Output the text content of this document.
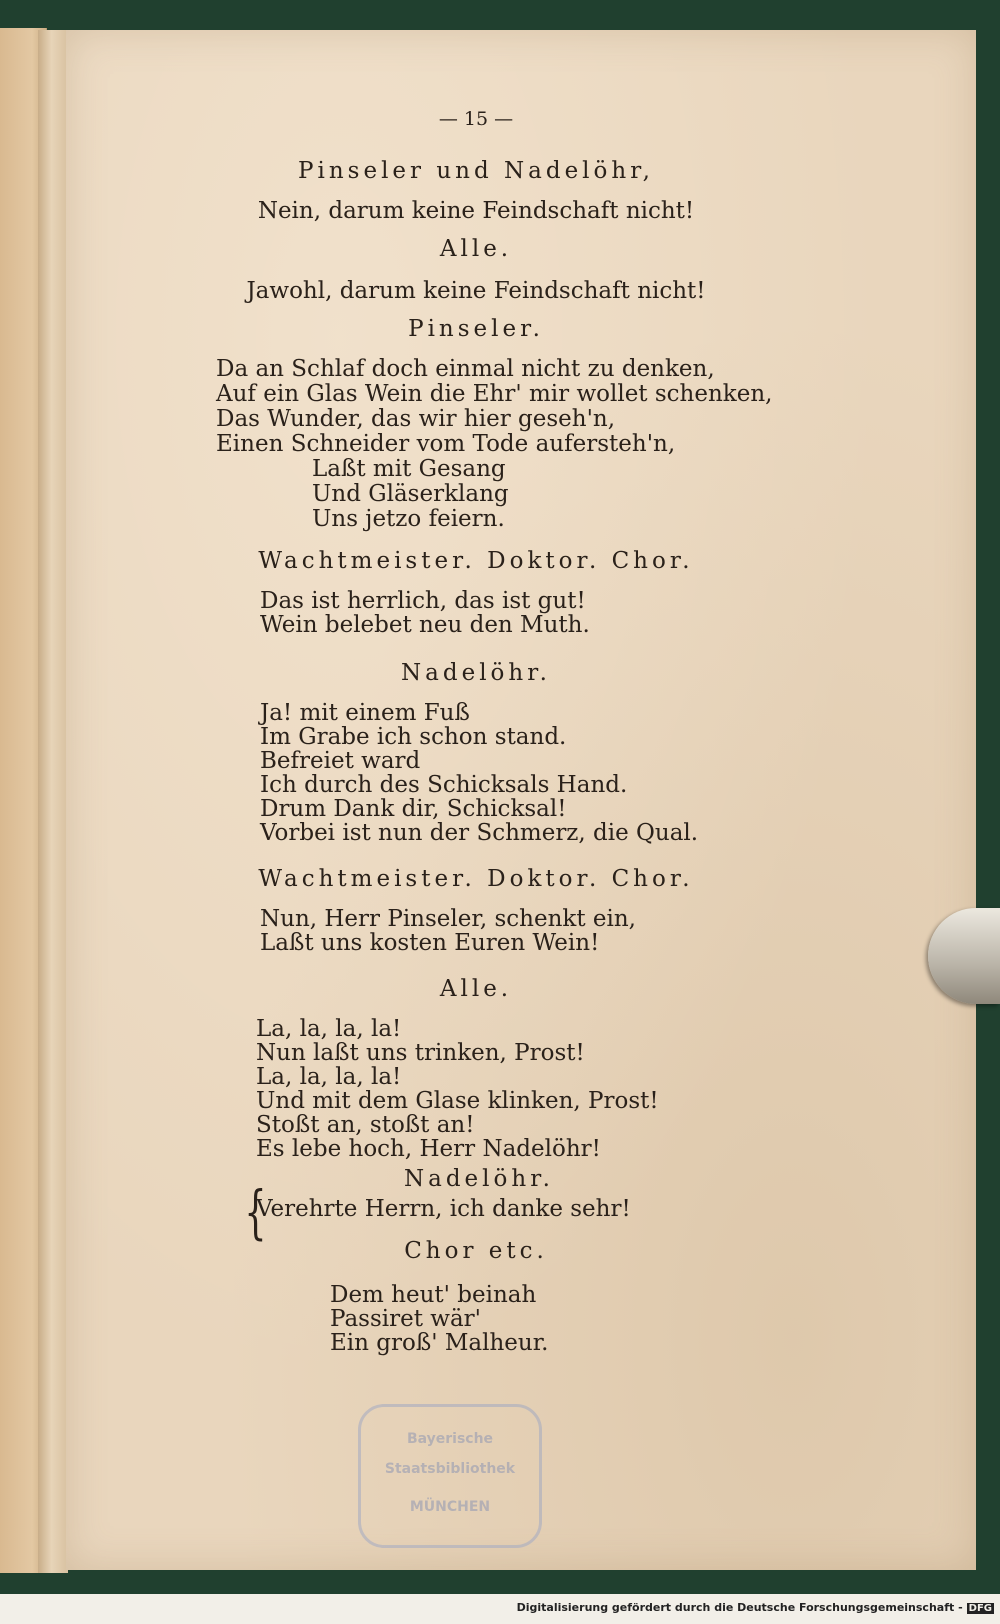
— 15 —

Pinseler und Nadelöhr,

Nein, darum keine Feindschaft nicht!

Alle.

Jawohl, darum keine Feindschaft nicht!

Pinseler.

Da an Schlaf doch einmal nicht zu denken,

Auf ein Glas Wein die Ehr' mir wollet schenken,

Das Wunder, das wir hier geseh'n,

Einen Schneider vom Tode aufersteh'n,

Laßt mit Gesang

Und Gläserklang

Uns jetzo feiern.

Wachtmeister. Doktor. Chor.

Das ist herrlich, das ist gut!

Wein belebet neu den Muth.

Nadelöhr.

Ja! mit einem Fuß

Im Grabe ich schon stand.

Befreiet ward

Ich durch des Schicksals Hand.

Drum Dank dir, Schicksal!

Vorbei ist nun der Schmerz, die Qual.

Wachtmeister. Doktor. Chor.

Nun, Herr Pinseler, schenkt ein,

Laßt uns kosten Euren Wein!

Alle.

La, la, la, la!

Nun laßt uns trinken, Prost!

La, la, la, la!

Und mit dem Glase klinken, Prost!

Stoßt an, stoßt an!

Es lebe hoch, Herr Nadelöhr!

{	Nadelöhr.

Verehrte Herrn, ich danke sehr!

Chor etc.

Dem heut' beinah

Passiret wär'

Ein groß' Malheur.

Bayerische
Staatsbibliothek
MÜNCHEN
Digitalisierung gefördert durch die Deutsche Forschungsgemeinschaft - DFG
